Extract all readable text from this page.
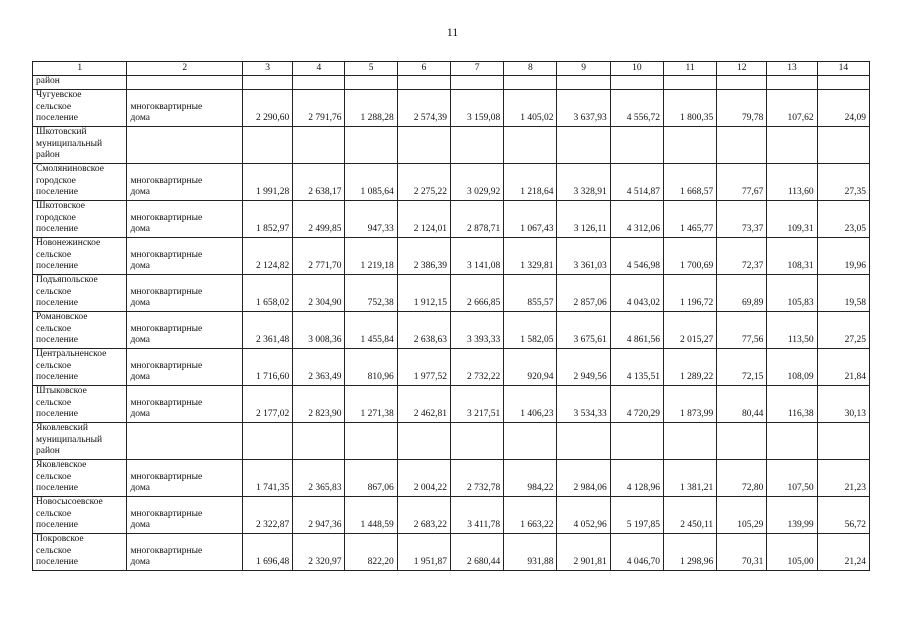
11
1	2	3	4	5	6	7	8	9	10	11	12	13	14
район													
Чугуевское
сельское
поселение	многоквартирные
дома	2 290,60	2 791,76	1 288,28	2 574,39	3 159,08	1 405,02	3 637,93	4 556,72	1 800,35	79,78	107,62	24,09
Шкотовский
муниципальный
район													
Смоляниновское
городское
поселение	многоквартирные
дома	1 991,28	2 638,17	1 085,64	2 275,22	3 029,92	1 218,64	3 328,91	4 514,87	1 668,57	77,67	113,60	27,35
Шкотовское
городское
поселение	многоквартирные
дома	1 852,97	2 499,85	947,33	2 124,01	2 878,71	1 067,43	3 126,11	4 312,06	1 465,77	73,37	109,31	23,05
Новонежинское
сельское
поселение	многоквартирные
дома	2 124,82	2 771,70	1 219,18	2 386,39	3 141,08	1 329,81	3 361,03	4 546,98	1 700,69	72,37	108,31	19,96
Подъяпольское
сельское
поселение	многоквартирные
дома	1 658,02	2 304,90	752,38	1 912,15	2 666,85	855,57	2 857,06	4 043,02	1 196,72	69,89	105,83	19,58
Романовское
сельское
поселение	многоквартирные
дома	2 361,48	3 008,36	1 455,84	2 638,63	3 393,33	1 582,05	3 675,61	4 861,56	2 015,27	77,56	113,50	27,25
Центральненское
сельское
поселение	многоквартирные
дома	1 716,60	2 363,49	810,96	1 977,52	2 732,22	920,94	2 949,56	4 135,51	1 289,22	72,15	108,09	21,84
Штыковское
сельское
поселение	многоквартирные
дома	2 177,02	2 823,90	1 271,38	2 462,81	3 217,51	1 406,23	3 534,33	4 720,29	1 873,99	80,44	116,38	30,13
Яковлевский
муниципальный
район													
Яковлевское
сельское
поселение	многоквартирные
дома	1 741,35	2 365,83	867,06	2 004,22	2 732,78	984,22	2 984,06	4 128,96	1 381,21	72,80	107,50	21,23
Новосысоевское
сельское
поселение	многоквартирные
дома	2 322,87	2 947,36	1 448,59	2 683,22	3 411,78	1 663,22	4 052,96	5 197,85	2 450,11	105,29	139,99	56,72
Покровское
сельское
поселение	многоквартирные
дома	1 696,48	2 320,97	822,20	1 951,87	2 680,44	931,88	2 901,81	4 046,70	1 298,96	70,31	105,00	21,24
